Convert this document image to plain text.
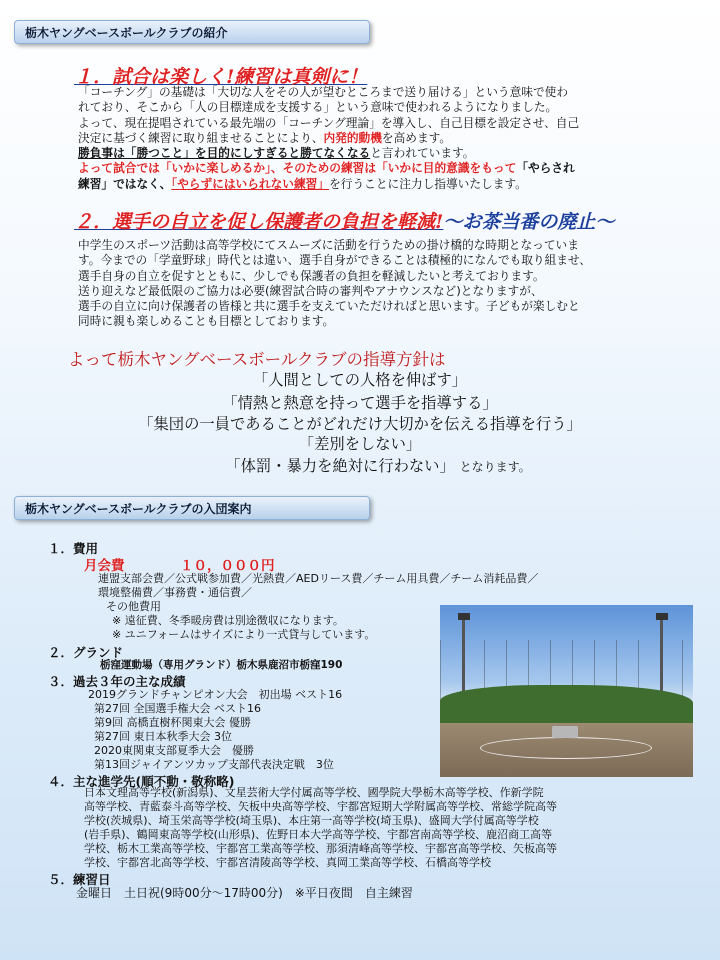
栃木ヤングベースボールクラブの紹介
１．試合は楽しく!練習は真剣に！
「コーチング」の基礎は「大切な人をその人が望むところまで送り届ける」という意味で使わ
れており、そこから「人の目標達成を支援する」という意味で使われるようになりました。
よって、現在提唱されている最先端の「コーチング理論」を導入し、自己目標を設定させ、自己
決定に基づく練習に取り組ませることにより、内発的動機を高めます。
勝負事は「勝つこと」を目的にしすぎると勝てなくなると言われています。
よって試合では「いかに楽しめるか」、そのための練習は「いかに目的意識をもって「やらされ
練習」ではなく、「やらずにはいられない練習」を行うことに注力し指導いたします。
２．選手の自立を促し保護者の負担を軽減!〜お茶当番の廃止〜
中学生のスポーツ活動は高等学校にてスムーズに活動を行うための掛け橋的な時期となっていま
す。今までの「学童野球」時代とは違い、選手自身ができることは積極的になんでも取り組ませ、
選手自身の自立を促すとともに、少しでも保護者の負担を軽減したいと考えております。
送り迎えなど最低限のご協力は必要(練習試合時の審判やアナウンスなど)となりますが、
選手の自立に向け保護者の皆様と共に選手を支えていただければと思います。子どもが楽しむと
同時に親も楽しめることも目標としております。
よって栃木ヤングベースボールクラブの指導方針は
「人間としての人格を伸ばす」
「情熱と熱意を持って選手を指導する」
「集団の一員であることがどれだけ大切かを伝える指導を行う」
「差別をしない」
「体罰・暴力を絶対に行わない」 となります。
栃木ヤングベースボールクラブの入団案内
１．費用
月会費	１０，０００円
連盟支部会費／公式戦参加費／光熱費／AEDリース費／チーム用具費／チーム消耗品費／
環境整備費／事務費・通信費／
その他費用
※ 遠征費、冬季暖房費は別途徴収になります。
※ ユニフォームはサイズにより一式貸与しています。
２．グランド
栃窪運動場（専用グランド）栃木県鹿沼市栃窪190
３．過去３年の主な成績
2019グランドチャンピオン大会　初出場 ベスト16
第27回 全国選手権大会 ベスト16
第9回 高橋直樹杯関東大会 優勝
第27回 東日本秋季大会 3位
2020東関東支部夏季大会　優勝
第13回ジャイアンツカップ支部代表決定戦　3位
４．主な進学先(順不動・敬称略)
日本文理高等学校(新潟県)、文星芸術大学付属高等学校、國學院大學栃木高等学校、作新学院
高等学校、青藍泰斗高等学校、矢板中央高等学校、宇都宮短期大学附属高等学校、常総学院高等
学校(茨城県)、埼玉栄高等学校(埼玉県)、本庄第一高等学校(埼玉県)、盛岡大学付属高等学校
(岩手県)、鶴岡東高等学校(山形県)、佐野日本大学高等学校、宇都宮南高等学校、鹿沼商工高等
学校、栃木工業高等学校、宇都宮工業高等学校、那須清峰高等学校、宇都宮高等学校、矢板高等
学校、宇都宮北高等学校、宇都宮清陵高等学校、真岡工業高等学校、石橋高等学校
５．練習日
金曜日　土日祝(9時00分〜17時00分)　※平日夜間　自主練習
